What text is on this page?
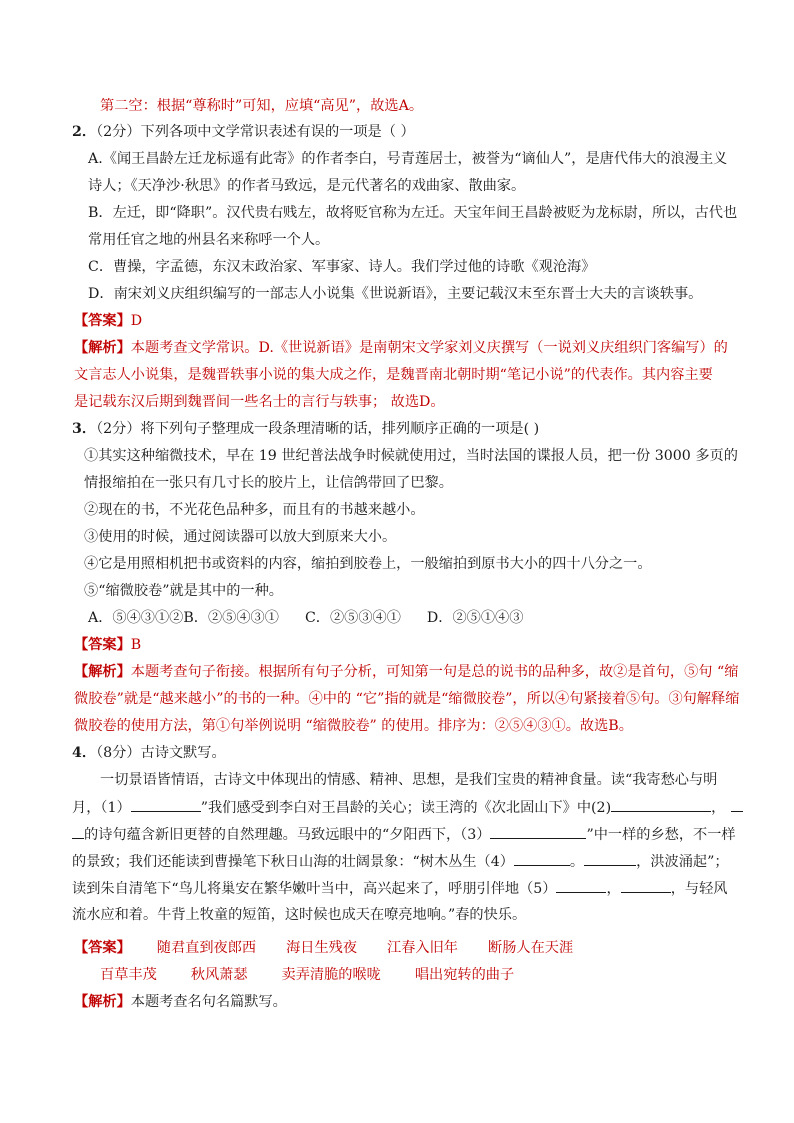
第二空：根据“尊称时”可知，应填“高见”，故选A。
2．（2分）下列各项中文学常识表述有误的一项是（ ）
A.《闻王昌龄左迁龙标遥有此寄》的作者李白，号青莲居士，被誉为“谪仙人”，是唐代伟大的浪漫主义
诗人；《天净沙·秋思》的作者马致远，是元代著名的戏曲家、散曲家。
B．左迁，即“降职”。汉代贵右贱左，故将贬官称为左迁。天宝年间王昌龄被贬为龙标尉，所以，古代也
常用任官之地的州县名来称呼一个人。
C．曹操，字孟德，东汉末政治家、军事家、诗人。我们学过他的诗歌《观沧海》
D．南宋刘义庆组织编写的一部志人小说集《世说新语》，主要记载汉末至东晋士大夫的言谈轶事。
【答案】D
【解析】本题考查文学常识。D.《世说新语》是南朝宋文学家刘义庆撰写（一说刘义庆组织门客编写）的
文言志人小说集，是魏晋轶事小说的集大成之作，是魏晋南北朝时期“笔记小说”的代表作。其内容主要
是记载东汉后期到魏晋间一些名士的言行与轶事； 故选D。
3．（2分）将下列句子整理成一段条理清晰的话，排列顺序正确的一项是( )
①其实这种缩微技术，早在 19 世纪普法战争时候就使用过，当时法国的谍报人员，把一份 3000 多页的
情报缩拍在一张只有几寸长的胶片上，让信鸽带回了巴黎。
②现在的书，不光花色品种多，而且有的书越来越小。
③使用的时候，通过阅读器可以放大到原来大小。
④它是用照相机把书或资料的内容，缩拍到胶卷上，一般缩拍到原书大小的四十八分之一。
⑤“缩微胶卷”就是其中的一种。
A．⑤④③①②B．②⑤④③① C．②⑤③④① D．②⑤①④③
【答案】B
【解析】本题考查句子衔接。根据所有句子分析，可知第一句是总的说书的品种多，故②是首句，⑤句 “缩
微胶卷”就是“越来越小”的书的一种。④中的 “它”指的就是“缩微胶卷”，所以④句紧接着⑤句。③句解释缩
微胶卷的使用方法，第①句举例说明 “缩微胶卷” 的使用。排序为：②⑤④③①。故选B。
4．（8分）古诗文默写。
一切景语皆情语，古诗文中体现出的情感、精神、思想，是我们宝贵的精神食量。读“我寄愁心与明
月，（1）	”我们感受到李白对王昌龄的关心；读王湾的《次北固山下》中(2)	，
的诗句蕴含新旧更替的自然理趣。马致远眼中的“夕阳西下，（3）	”中一样的乡愁，不一样
的景致；我们还能读到曹操笔下秋日山海的壮阔景象：“树木丛生（4）	。	，洪波涌起”；
读到朱自清笔下“鸟儿将巢安在繁华嫩叶当中，高兴起来了，呼朋引伴地（5）	，	，与轻风
流水应和着。牛背上牧童的短笛，这时候也成天在嘹亮地响。”春的快乐。
【答案】 随君直到夜郎西 海日生残夜 江春入旧年 断肠人在天涯
百草丰茂 秋风萧瑟 卖弄清脆的喉咙 唱出宛转的曲子
【解析】本题考查名句名篇默写。
